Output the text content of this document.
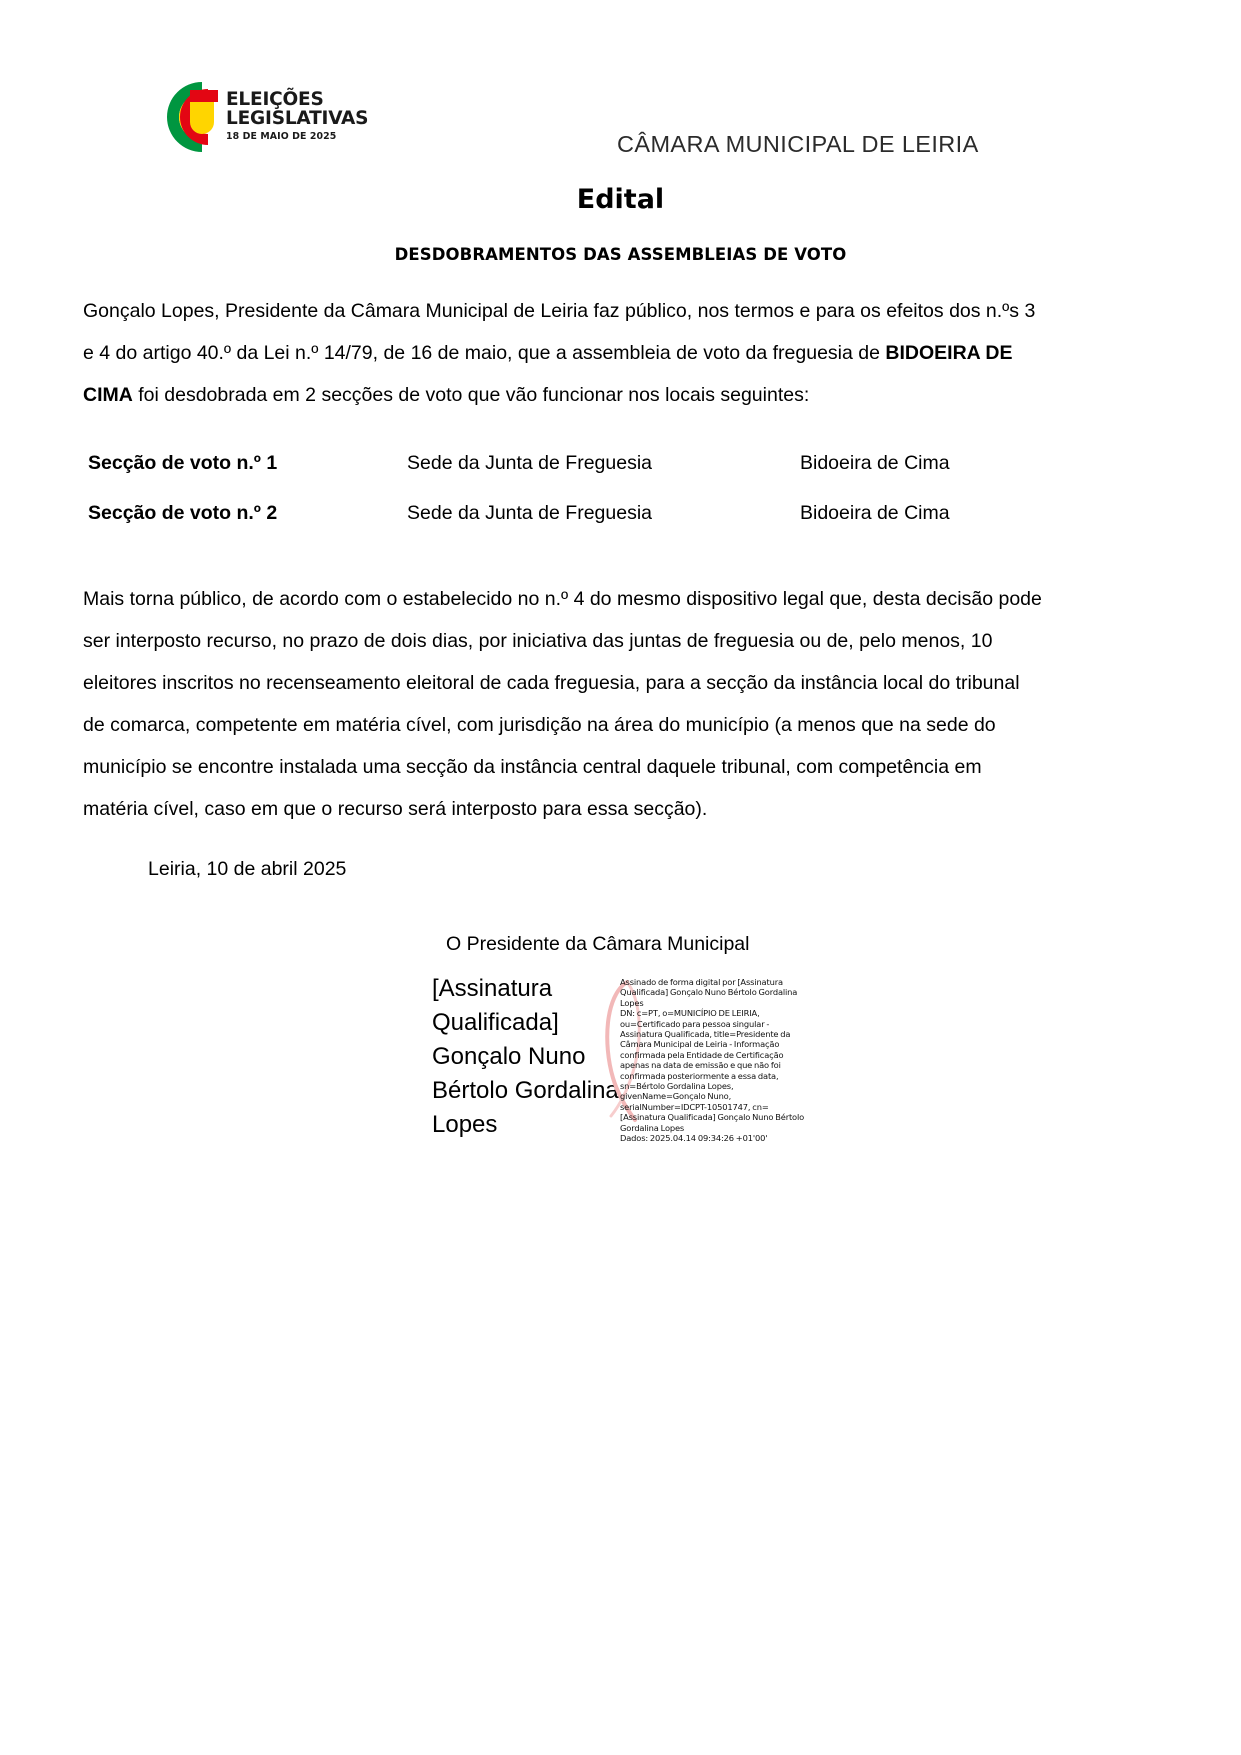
ELEIÇÕES
LEGISLATIVAS
18 DE MAIO DE 2025	CÂMARA MUNICIPAL DE LEIRIA
Edital
DESDOBRAMENTOS DAS ASSEMBLEIAS DE VOTO
Gonçalo Lopes, Presidente da Câmara Municipal de Leiria faz público, nos termos e para os efeitos dos n.ºs 3 e 4 do artigo 40.º da Lei n.º 14/79, de 16 de maio, que a assembleia de voto da freguesia de BIDOEIRA DE CIMA foi desdobrada em 2 secções de voto que vão funcionar nos locais seguintes:
Secção de voto n.º 1	Sede da Junta de Freguesia	Bidoeira de Cima
Secção de voto n.º 2	Sede da Junta de Freguesia	Bidoeira de Cima
Mais torna público, de acordo com o estabelecido no n.º 4 do mesmo dispositivo legal que, desta decisão pode ser interposto recurso, no prazo de dois dias, por iniciativa das juntas de freguesia ou de, pelo menos, 10 eleitores inscritos no recenseamento eleitoral de cada freguesia, para a secção da instância local do tribunal de comarca, competente em matéria cível, com jurisdição na área do município (a menos que na sede do município se encontre instalada uma secção da instância central daquele tribunal, com competência em matéria cível, caso em que o recurso será interposto para essa secção).
Leiria, 10 de abril 2025
O Presidente da Câmara Municipal
[Assinatura Qualificada] Gonçalo Nuno Bértolo Gordalina Lopes

Assinado de forma digital por [Assinatura Qualificada] Gonçalo Nuno Bértolo Gordalina Lopes

DN: c=PT, o=MUNICÍPIO DE LEIRIA, ou=Certificado para pessoa singular - Assinatura Qualificada, title=Presidente da Câmara Municipal de Leiria - Informação confirmada pela Entidade de Certificação apenas na data de emissão e que não foi confirmada posteriormente a essa data, sn=Bértolo Gordalina Lopes, givenName=Gonçalo Nuno, serialNumber=IDCPT-10501747, cn=[Assinatura Qualificada] Gonçalo Nuno Bértolo Gordalina Lopes

Dados: 2025.04.14 09:34:26 +01'00'
